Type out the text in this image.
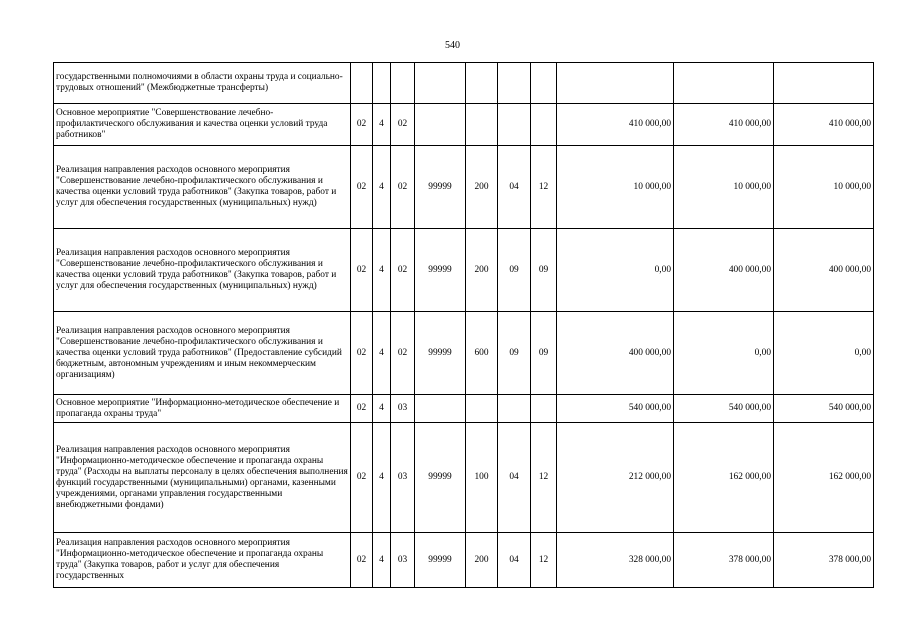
540
государственными полномочиями в области охраны труда и социально-трудовых отношений" (Межбюджетные трансферты)										
Основное мероприятие "Совершенствование лечебно-профилактического обслуживания и качества оценки условий труда работников"	02	4	02					410 000,00	410 000,00	410 000,00
Реализация направления расходов основного мероприятия "Совершенствование лечебно-профилактического обслуживания и качества оценки условий труда работников" (Закупка товаров, работ и услуг для обеспечения государственных (муниципальных) нужд)	02	4	02	99999	200	04	12	10 000,00	10 000,00	10 000,00
Реализация направления расходов основного мероприятия "Совершенствование лечебно-профилактического обслуживания и качества оценки условий труда работников" (Закупка товаров, работ и услуг для обеспечения государственных (муниципальных) нужд)	02	4	02	99999	200	09	09	0,00	400 000,00	400 000,00
Реализация направления расходов основного мероприятия "Совершенствование лечебно-профилактического обслуживания и качества оценки условий труда работников" (Предоставление субсидий бюджетным, автономным учреждениям и иным некоммерческим организациям)	02	4	02	99999	600	09	09	400 000,00	0,00	0,00
Основное мероприятие "Информационно-методическое обеспечение и пропаганда охраны труда"	02	4	03					540 000,00	540 000,00	540 000,00
Реализация направления расходов основного мероприятия "Информационно-методическое обеспечение и пропаганда охраны труда" (Расходы на выплаты персоналу в целях обеспечения выполнения функций государственными (муниципальными) органами, казенными учреждениями, органами управления государственными внебюджетными фондами)	02	4	03	99999	100	04	12	212 000,00	162 000,00	162 000,00
Реализация направления расходов основного мероприятия "Информационно-методическое обеспечение и пропаганда охраны труда" (Закупка товаров, работ и услуг для обеспечения государственных	02	4	03	99999	200	04	12	328 000,00	378 000,00	378 000,00
